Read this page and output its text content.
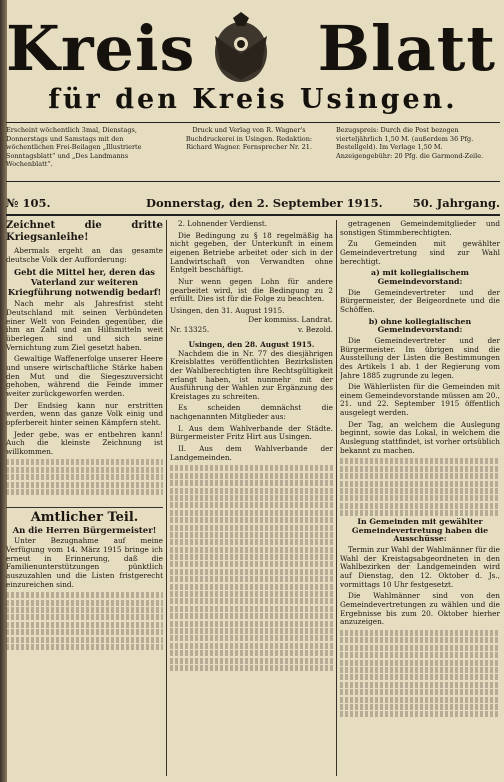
Kreis Blatt
für den Kreis Usingen.
Erscheint wöchentlich 3mal, Dienstags, Donnerstags und Samstags mit den wöchentlichen Frei-Beilagen „Illustrierte Sonntagsblatt“ und „Des Landmanns Wochenblatt“.
Druck und Verlag von R. Wagner's Buchdruckerei in Usingen. Redaktion: Richard Wagner. Fernsprecher Nr. 21.
Bezugspreis: Durch die Post bezogen vierteljährlich 1,50 M. (außerdem 36 Pfg. Bestellgeld). Im Verlage 1,50 M. Anzeigengebühr: 20 Pfg. die Garmond-Zeile.
№ 105.	Donnerstag, den 2. September 1915.	50. Jahrgang.
Zeichnet die dritte Kriegsanleihe!
Abermals ergeht an das gesamte deutsche Volk der Aufforderung:
Gebt die Mittel her, deren das Vaterland zur weiteren Kriegführung notwendig bedarf!
Nach mehr als Jahresfrist steht Deutschland mit seinen Verbündeten einer Welt von Feinden gegenüber, die ihm an Zahl und an Hilfsmitteln weit überlegen sind und sich seine Vernichtung zum Ziel gesetzt haben.
Gewaltige Waffenerfolge unserer Heere und unsere wirtschaftliche Stärke haben den Mut und die Siegeszuversicht gehoben, während die Feinde immer weiter zurückgeworfen werden.
Der Endsieg kann nur erstritten werden, wenn das ganze Volk einig und opferbereit hinter seinen Kämpfern steht.
Jeder gebe, was er entbehren kann! Auch die kleinste Zeichnung ist willkommen.
Amtlicher Teil.
An die Herren Bürgermeister!
Unter Bezugnahme auf meine Verfügung vom 14. März 1915 bringe ich erneut in Erinnerung, daß die Familienunterstützungen pünktlich auszuzahlen und die Listen fristgerecht einzureichen sind.
2. Lohnender Verdienst.
Die Bedingung zu § 18 regelmäßig ha nicht gegeben, der Unterkunft in einem eigenen Betriebe arbeitet oder sich in der Landwirtschaft von Verwandten ohne Entgelt beschäftigt.
Nur wenn gegen Lohn für andere gearbeitet wird, ist die Bedingung zu 2 erfüllt. Dies ist für die Folge zu beachten.
Usingen, den 31. August 1915.
Der kommiss. Landrat.
Nr. 13325.	v. Bezold.
Usingen, den 28. August 1915.
Nachdem die in Nr. 77 des diesjährigen Kreisblattes veröffentlichten Bezirkslisten der Wahlberechtigten ihre Rechtsgültigkeit erlangt haben, ist nunmehr mit der Ausführung der Wahlen zur Ergänzung des Kreistages zu schreiten.
Es scheiden demnächst die nachgenannten Mitglieder aus:
I. Aus dem Wahlverbande der Städte. Bürgermeister Fritz Hirt aus Usingen.
II. Aus dem Wahlverbande der Landgemeinden.
getragenen Gemeindemitglieder und sonstigen Stimmberechtigten.
Zu Gemeinden mit gewählter Gemeindevertretung sind zur Wahl berechtigt.
a) mit kollegialischem Gemeindevorstand:
Die Gemeindevertreter und der Bürgermeister, der Beigeordnete und die Schöffen.
b) ohne kollegialischen Gemeindevorstand:
Die Gemeindevertreter und der Bürgermeister. Im übrigen sind die Ausstellung der Listen die Bestimmungen des Artikels 1 ab. 1 der Regierung vom Jahre 1885 zugrunde zu legen.
Die Wählerlisten für die Gemeinden mit einem Gemeindevorstande müssen am 20., 21. und 22. September 1915 öffentlich ausgelegt werden.
Der Tag, an welchem die Auslegung beginnt, sowie das Lokal, in welchem die Auslegung stattfindet, ist vorher ortsüblich bekannt zu machen.
In Gemeinden mit gewählter Gemeindevertretung haben die Ausschüsse:
Termin zur Wahl der Wahlmänner für die Wahl der Kreistagsabgeordneten in den Wahlbezirken der Landgemeinden wird auf Dienstag, den 12. Oktober d. Js., vormittags 10 Uhr festgesetzt.
Die Wahlmänner sind von den Gemeindevertretungen zu wählen und die Ergebnisse bis zum 20. Oktober hierher anzuzeigen.
